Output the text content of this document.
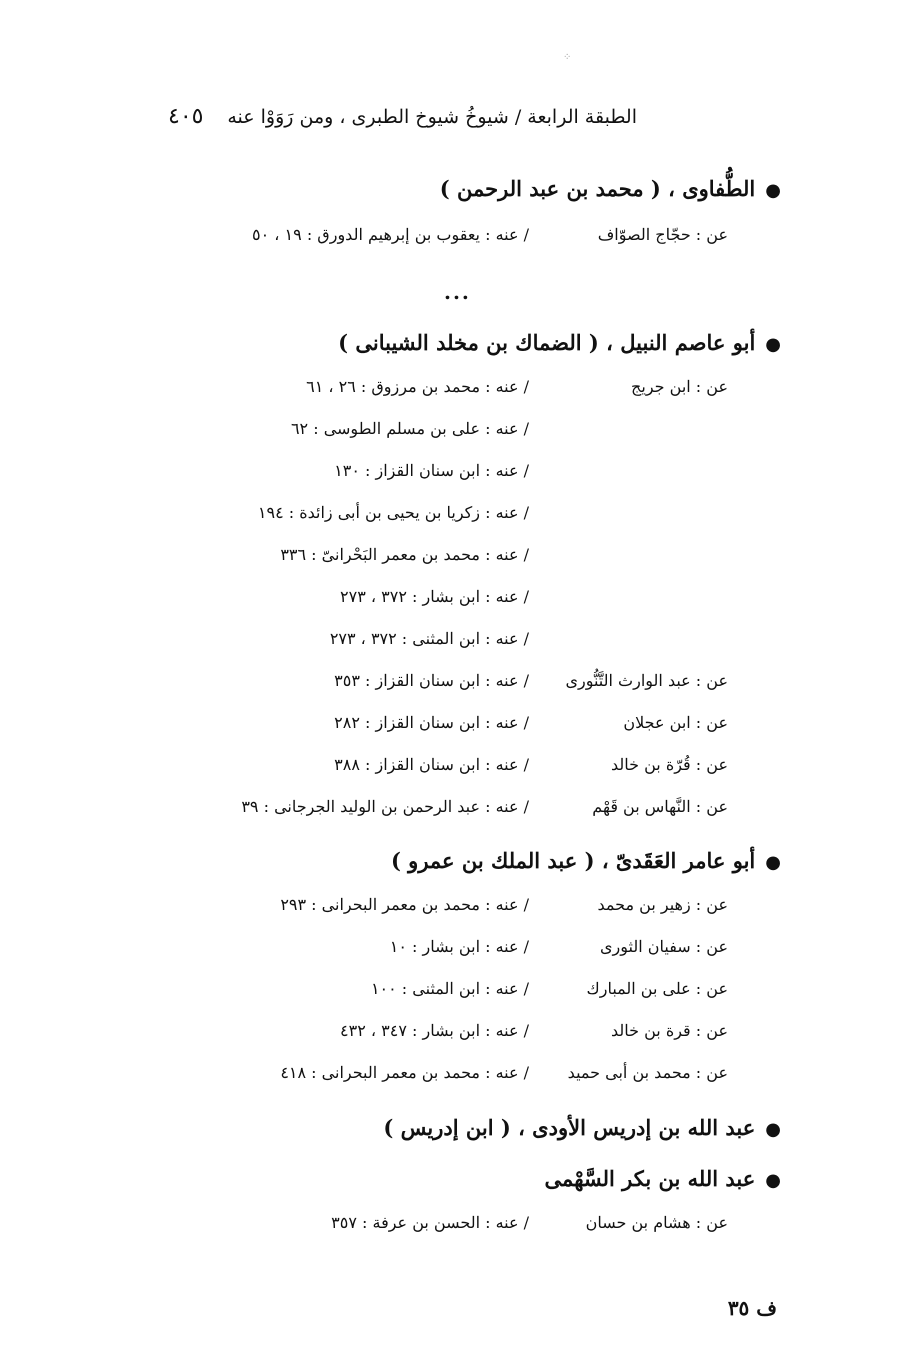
⁘
الطبقة الرابعة / شيوخُ شيوخ الطبرى ، ومن رَوَوْا عنه
٤٠٥
●الطُّفاوى ، ( محمد بن عبد الرحمن )
عن : حجّاج الصوّاف
/ عنه : يعقوب بن إبرهيم الدورق : ١٩ ، ٥٠
...
●أبو عاصم النبيل ، ( الضماك بن مخلد الشيبانى )
عن : ابن جريج
/ عنه : محمد بن مرزوق : ٢٦ ، ٦١
/ عنه : على بن مسلم الطوسى : ٦٢
/ عنه : ابن سنان القزاز : ١٣٠
/ عنه : زكريا بن يحيى بن أبى زائدة : ١٩٤
/ عنه : محمد بن معمر البَحْرانىّ : ٣٣٦
/ عنه : ابن بشار : ٣٧٢ ، ٢٧٣
/ عنه : ابن المثنى : ٣٧٢ ، ٢٧٣
عن : عبد الوارث التَّنُّورى
/ عنه : ابن سنان القزاز : ٣٥٣
عن : ابن عجلان
/ عنه : ابن سنان القزاز : ٢٨٢
عن : قُرّة بن خالد
/ عنه : ابن سنان القزاز : ٣٨٨
عن : النَّهاس بن قَهْم
/ عنه : عبد الرحمن بن الوليد الجرجانى : ٣٩
●أبو عامر العَقَدىّ ، ( عبد الملك بن عمرو )
عن : زهير بن محمد
/ عنه : محمد بن معمر البحرانى : ٢٩٣
عن : سفيان الثورى
/ عنه : ابن بشار : ١٠
عن : على بن المبارك
/ عنه : ابن المثنى : ١٠٠
عن : قرة بن خالد
/ عنه : ابن بشار : ٣٤٧ ، ٤٣٢
عن : محمد بن أبى حميد
/ عنه : محمد بن معمر البحرانى : ٤١٨
●عبد الله بن إدريس الأودى ، ( ابن إدريس )
●عبد الله بن بكر السَّهْمى
عن : هشام بن حسان
/ عنه : الحسن بن عرفة : ٣٥٧
ف ٣٥
